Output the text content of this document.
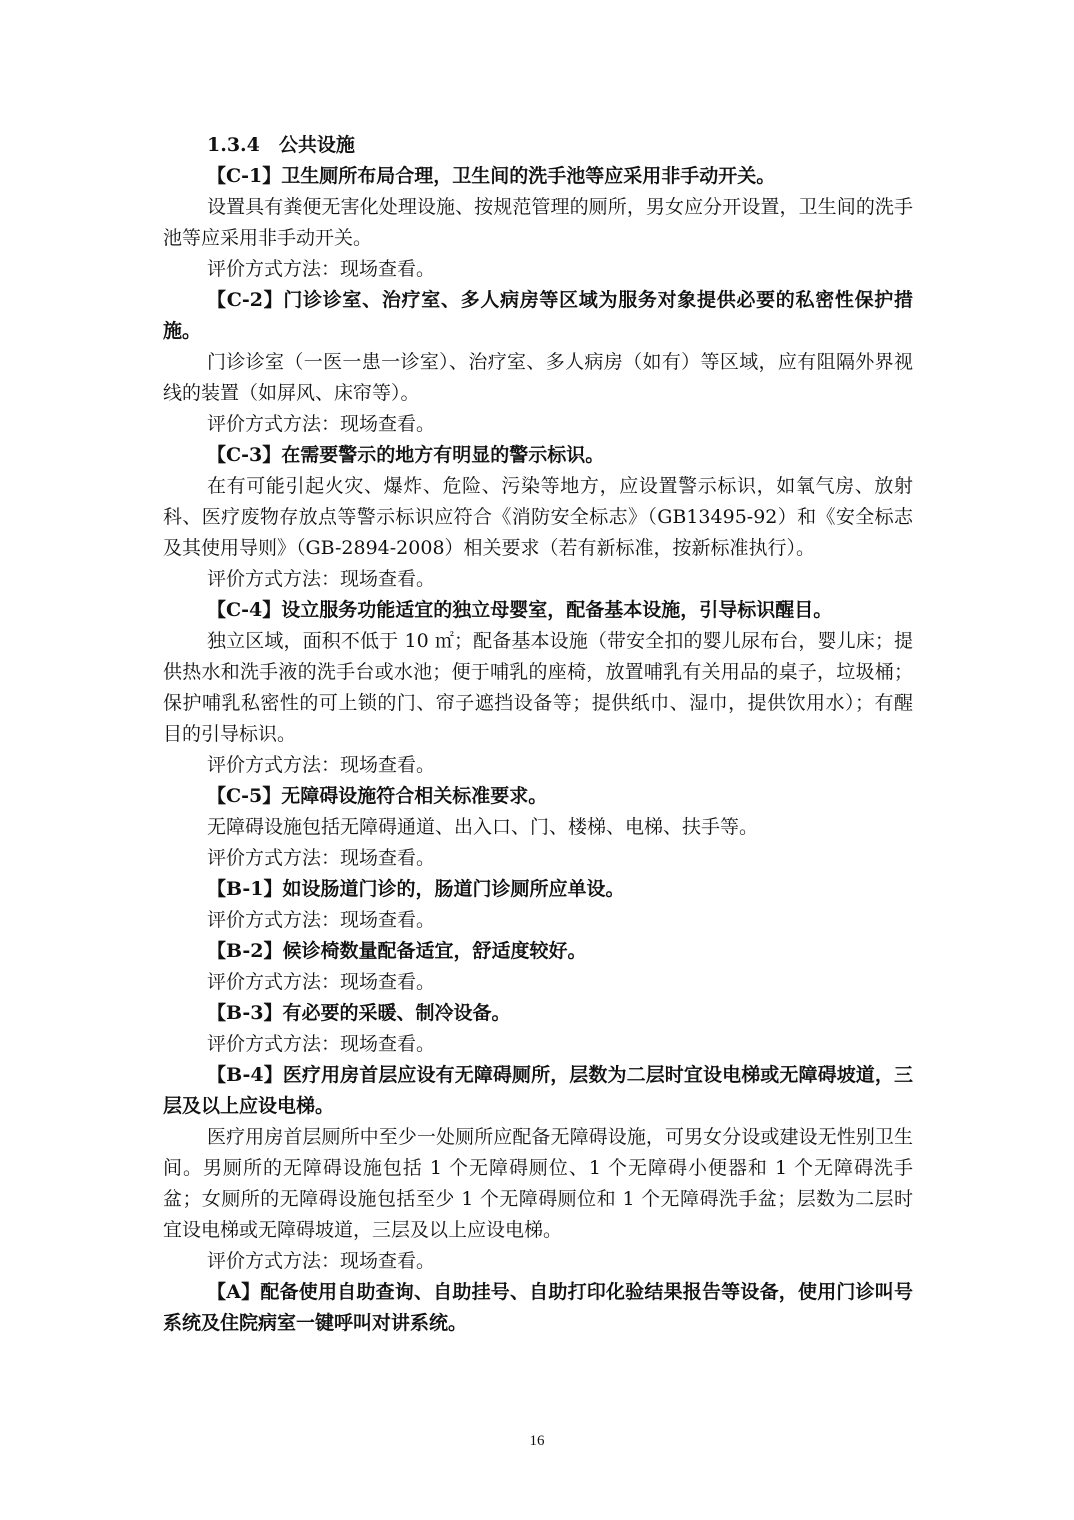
1.3.4　公共设施
【C-1】卫生厕所布局合理，卫生间的洗手池等应采用非手动开关。
设置具有粪便无害化处理设施、按规范管理的厕所，男女应分开设置，卫生间的洗手池等应采用非手动开关。
评价方式方法：现场查看。
【C-2】门诊诊室、治疗室、多人病房等区域为服务对象提供必要的私密性保护措施。
门诊诊室（一医一患一诊室）、治疗室、多人病房（如有）等区域，应有阻隔外界视线的装置（如屏风、床帘等）。
评价方式方法：现场查看。
【C-3】在需要警示的地方有明显的警示标识。
在有可能引起火灾、爆炸、危险、污染等地方，应设置警示标识，如氧气房、放射科、医疗废物存放点等警示标识应符合《消防安全标志》（GB13495-92）和《安全标志及其使用导则》（GB-2894-2008）相关要求（若有新标准，按新标准执行）。
评价方式方法：现场查看。
【C-4】设立服务功能适宜的独立母婴室，配备基本设施，引导标识醒目。
独立区域，面积不低于 10 ㎡；配备基本设施（带安全扣的婴儿尿布台，婴儿床；提供热水和洗手液的洗手台或水池；便于哺乳的座椅，放置哺乳有关用品的桌子，垃圾桶；保护哺乳私密性的可上锁的门、帘子遮挡设备等；提供纸巾、湿巾，提供饮用水）；有醒目的引导标识。
评价方式方法：现场查看。
【C-5】无障碍设施符合相关标准要求。
无障碍设施包括无障碍通道、出入口、门、楼梯、电梯、扶手等。
评价方式方法：现场查看。
【B-1】如设肠道门诊的，肠道门诊厕所应单设。
评价方式方法：现场查看。
【B-2】候诊椅数量配备适宜，舒适度较好。
评价方式方法：现场查看。
【B-3】有必要的采暖、制冷设备。
评价方式方法：现场查看。
【B-4】医疗用房首层应设有无障碍厕所，层数为二层时宜设电梯或无障碍坡道，三层及以上应设电梯。
医疗用房首层厕所中至少一处厕所应配备无障碍设施，可男女分设或建设无性别卫生间。男厕所的无障碍设施包括 1 个无障碍厕位、1 个无障碍小便器和 1 个无障碍洗手盆；女厕所的无障碍设施包括至少 1 个无障碍厕位和 1 个无障碍洗手盆；层数为二层时宜设电梯或无障碍坡道，三层及以上应设电梯。
评价方式方法：现场查看。
【A】配备使用自助查询、自助挂号、自助打印化验结果报告等设备，使用门诊叫号系统及住院病室一键呼叫对讲系统。
16
